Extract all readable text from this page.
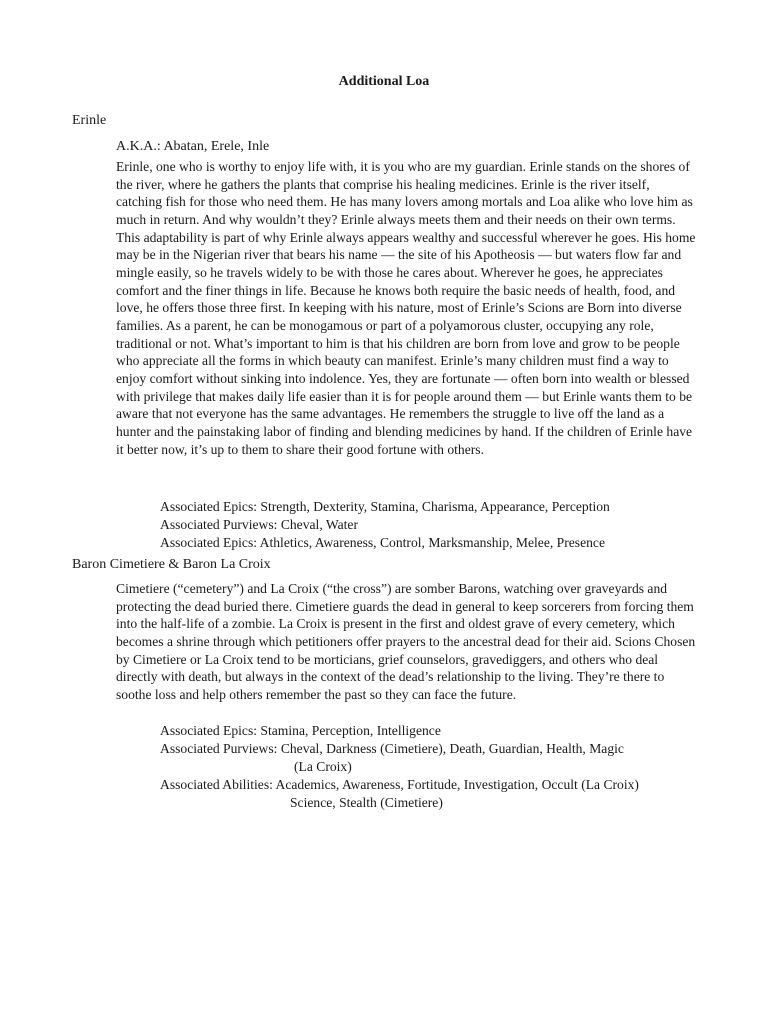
Additional Loa
Erinle
A.K.A.: Abatan, Erele, Inle

Erinle, one who is worthy to enjoy life with, it is you who are my guardian. Erinle stands on the shores of the river, where he gathers the plants that comprise his healing medicines. Erinle is the river itself, catching fish for those who need them. He has many lovers among mortals and Loa alike who love him as much in return. And why wouldn’t they? Erinle always meets them and their needs on their own terms. This adaptability is part of why Erinle always appears wealthy and successful wherever he goes. His home may be in the Nigerian river that bears his name — the site of his Apotheosis — but waters flow far and mingle easily, so he travels widely to be with those he cares about. Wherever he goes, he appreciates comfort and the finer things in life. Because he knows both require the basic needs of health, food, and love, he offers those three first. In keeping with his nature, most of Erinle’s Scions are Born into diverse families. As a parent, he can be monogamous or part of a polyamorous cluster, occupying any role, traditional or not. What’s important to him is that his children are born from love and grow to be people who appreciate all the forms in which beauty can manifest. Erinle’s many children must find a way to enjoy comfort without sinking into indolence. Yes, they are fortunate — often born into wealth or blessed with privilege that makes daily life easier than it is for people around them — but Erinle wants them to be aware that not everyone has the same advantages. He remembers the struggle to live off the land as a hunter and the painstaking labor of finding and blending medicines by hand. If the children of Erinle have it better now, it’s up to them to share their good fortune with others.

Associated Epics: Strength, Dexterity, Stamina, Charisma, Appearance, Perception
Associated Purviews: Cheval, Water
Associated Epics: Athletics, Awareness, Control, Marksmanship, Melee, Presence
Baron Cimetiere & Baron La Croix

Cimetiere (“cemetery”) and La Croix (“the cross”) are somber Barons, watching over graveyards and protecting the dead buried there. Cimetiere guards the dead in general to keep sorcerers from forcing them into the half-life of a zombie. La Croix is present in the first and oldest grave of every cemetery, which becomes a shrine through which petitioners offer prayers to the ancestral dead for their aid. Scions Chosen by Cimetiere or La Croix tend to be morticians, grief counselors, gravediggers, and others who deal directly with death, but always in the context of the dead’s relationship to the living. They’re there to soothe loss and help others remember the past so they can face the future.

Associated Epics: Stamina, Perception, Intelligence
Associated Purviews: Cheval, Darkness (Cimetiere), Death, Guardian, Health, Magic
(La Croix)
Associated Abilities: Academics, Awareness, Fortitude, Investigation, Occult (La Croix)
Science, Stealth (Cimetiere)
